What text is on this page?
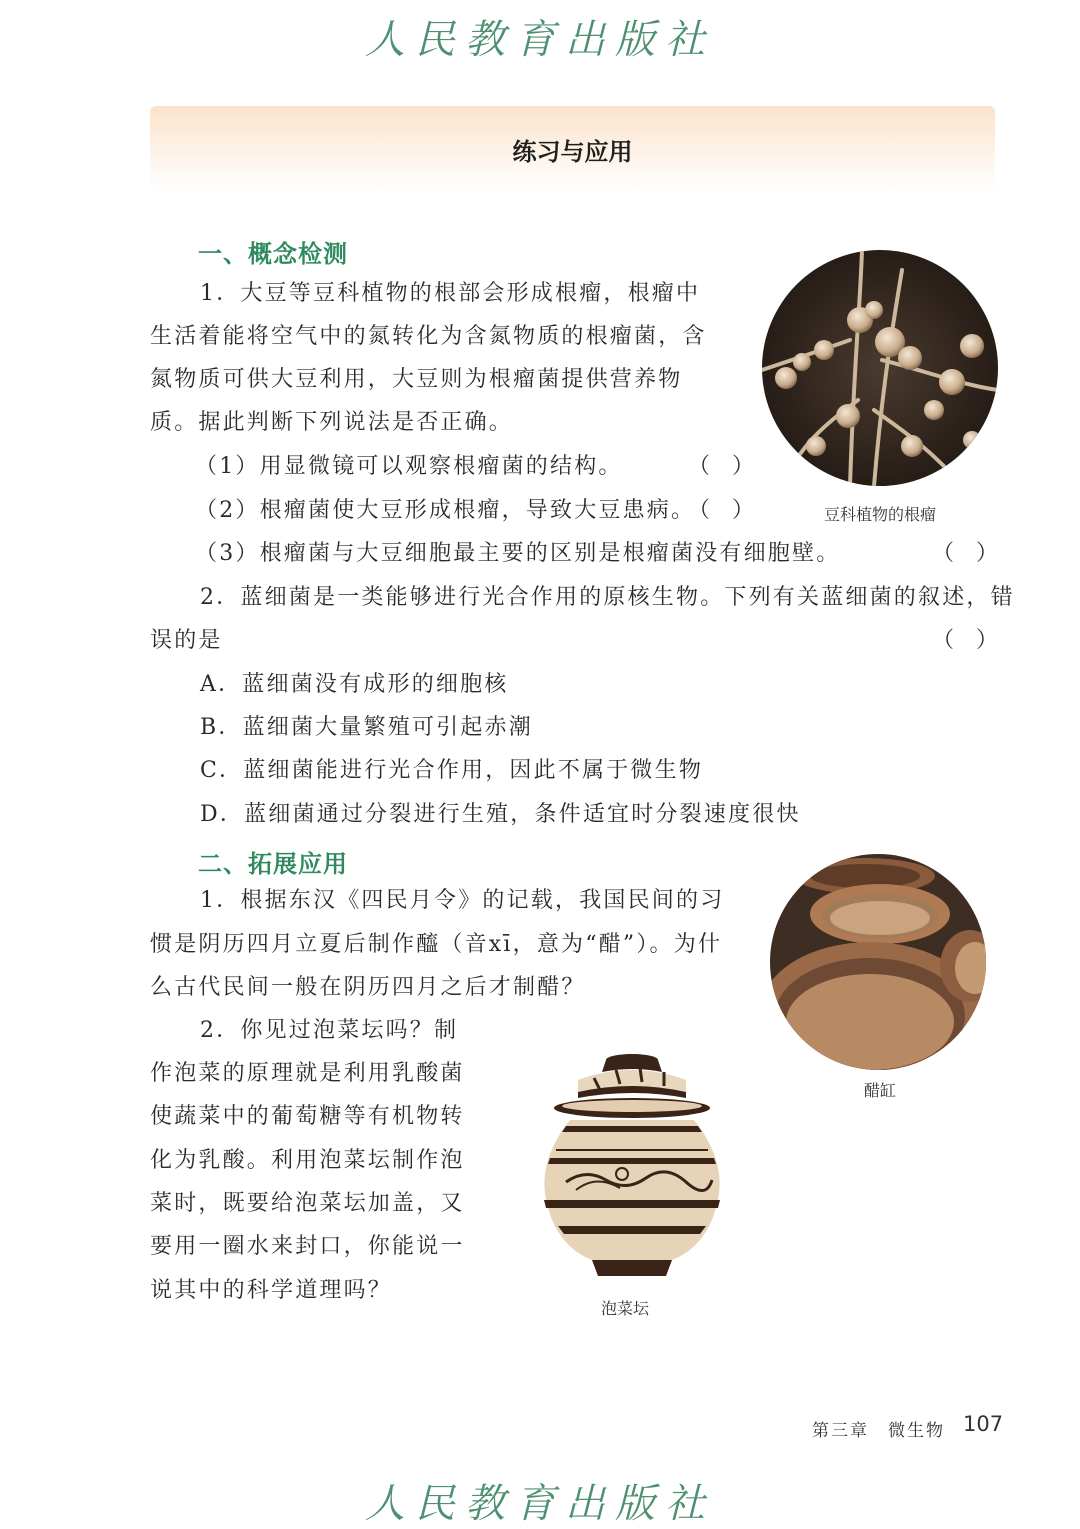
人民教育出版社
练习与应用
一、概念检测
1．大豆等豆科植物的根部会形成根瘤，根瘤中
生活着能将空气中的氮转化为含氮物质的根瘤菌，含
氮物质可供大豆利用，大豆则为根瘤菌提供营养物
质。据此判断下列说法是否正确。
（1）用显微镜可以观察根瘤菌的结构。	（　）
（2）根瘤菌使大豆形成根瘤，导致大豆患病。
（　）
（3）根瘤菌与大豆细胞最主要的区别是根瘤菌没有细胞壁。	（　）
2．蓝细菌是一类能够进行光合作用的原核生物。下列有关蓝细菌的叙述，错
误的是	（　）
A．蓝细菌没有成形的细胞核
B．蓝细菌大量繁殖可引起赤潮
C．蓝细菌能进行光合作用，因此不属于微生物
D．蓝细菌通过分裂进行生殖，条件适宜时分裂速度很快
豆科植物的根瘤
二、拓展应用
1．根据东汉《四民月令》的记载，我国民间的习
惯是阴历四月立夏后制作醯（音xī，意为“醋”）。为什
么古代民间一般在阴历四月之后才制醋？
2．你见过泡菜坛吗？制
作泡菜的原理就是利用乳酸菌
使蔬菜中的葡萄糖等有机物转
化为乳酸。利用泡菜坛制作泡
菜时，既要给泡菜坛加盖，又
要用一圈水来封口，你能说一
说其中的科学道理吗？
醋缸
泡菜坛
第三章　微生物 107
人民教育出版社
